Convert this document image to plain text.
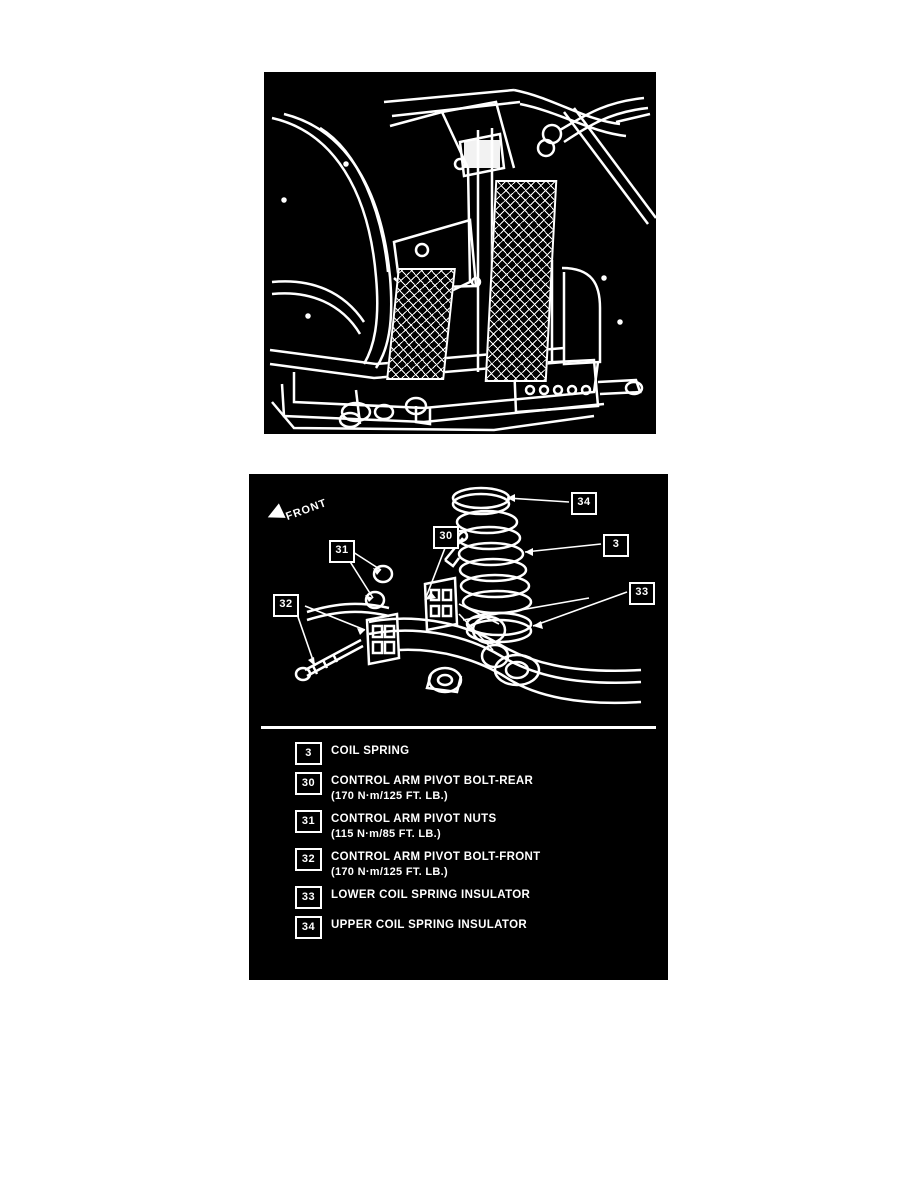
FRONT	34
3
30
31
33
32
3	COIL SPRING
30	CONTROL ARM PIVOT BOLT-REAR
(170 N·m/125 FT. LB.)
31	CONTROL ARM PIVOT NUTS
(115 N·m/85 FT. LB.)
32	CONTROL ARM PIVOT BOLT-FRONT
(170 N·m/125 FT. LB.)
33	LOWER COIL SPRING INSULATOR
34	UPPER COIL SPRING INSULATOR
